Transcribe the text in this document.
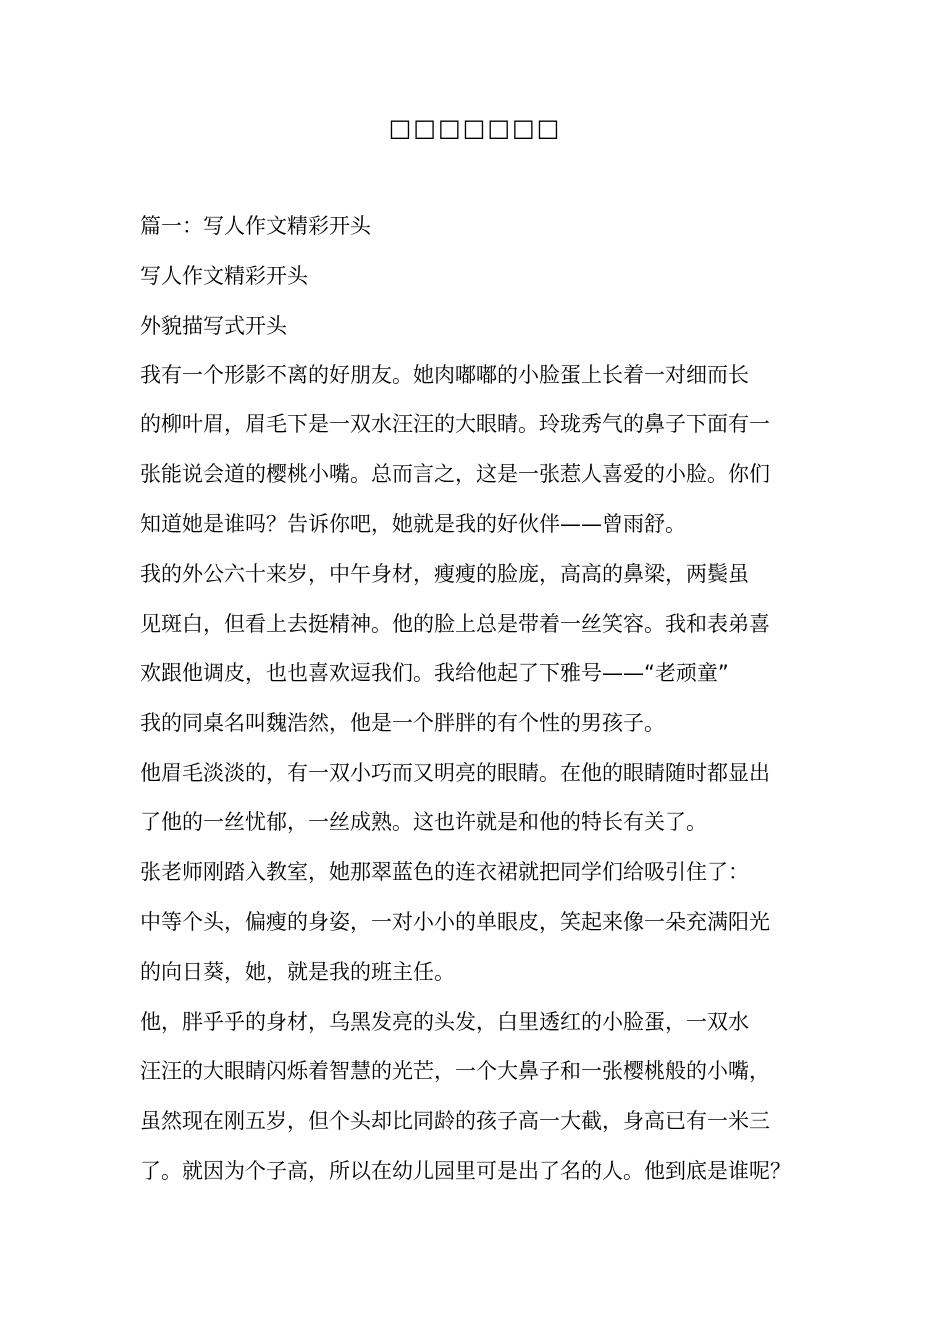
□□□□□□□
篇一：写人作文精彩开头
写人作文精彩开头
外貌描写式开头
我有一个形影不离的好朋友。她肉嘟嘟的小脸蛋上长着一对细而长
的柳叶眉，眉毛下是一双水汪汪的大眼睛。玲珑秀气的鼻子下面有一
张能说会道的樱桃小嘴。总而言之，这是一张惹人喜爱的小脸。你们
知道她是谁吗？告诉你吧，她就是我的好伙伴——曾雨舒。
我的外公六十来岁，中午身材，瘦瘦的脸庞，高高的鼻梁，两鬓虽
见斑白，但看上去挺精神。他的脸上总是带着一丝笑容。我和表弟喜
欢跟他调皮，也也喜欢逗我们。我给他起了下雅号——“老顽童”
我的同桌名叫魏浩然，他是一个胖胖的有个性的男孩子。
他眉毛淡淡的，有一双小巧而又明亮的眼睛。在他的眼睛随时都显出
了他的一丝忧郁，一丝成熟。这也许就是和他的特长有关了。
张老师刚踏入教室，她那翠蓝色的连衣裙就把同学们给吸引住了：
中等个头，偏瘦的身姿，一对小小的单眼皮，笑起来像一朵充满阳光
的向日葵，她，就是我的班主任。
他，胖乎乎的身材，乌黑发亮的头发，白里透红的小脸蛋，一双水
汪汪的大眼睛闪烁着智慧的光芒，一个大鼻子和一张樱桃般的小嘴，
虽然现在刚五岁，但个头却比同龄的孩子高一大截，身高已有一米三
了。就因为个子高，所以在幼儿园里可是出了名的人。他到底是谁呢？
